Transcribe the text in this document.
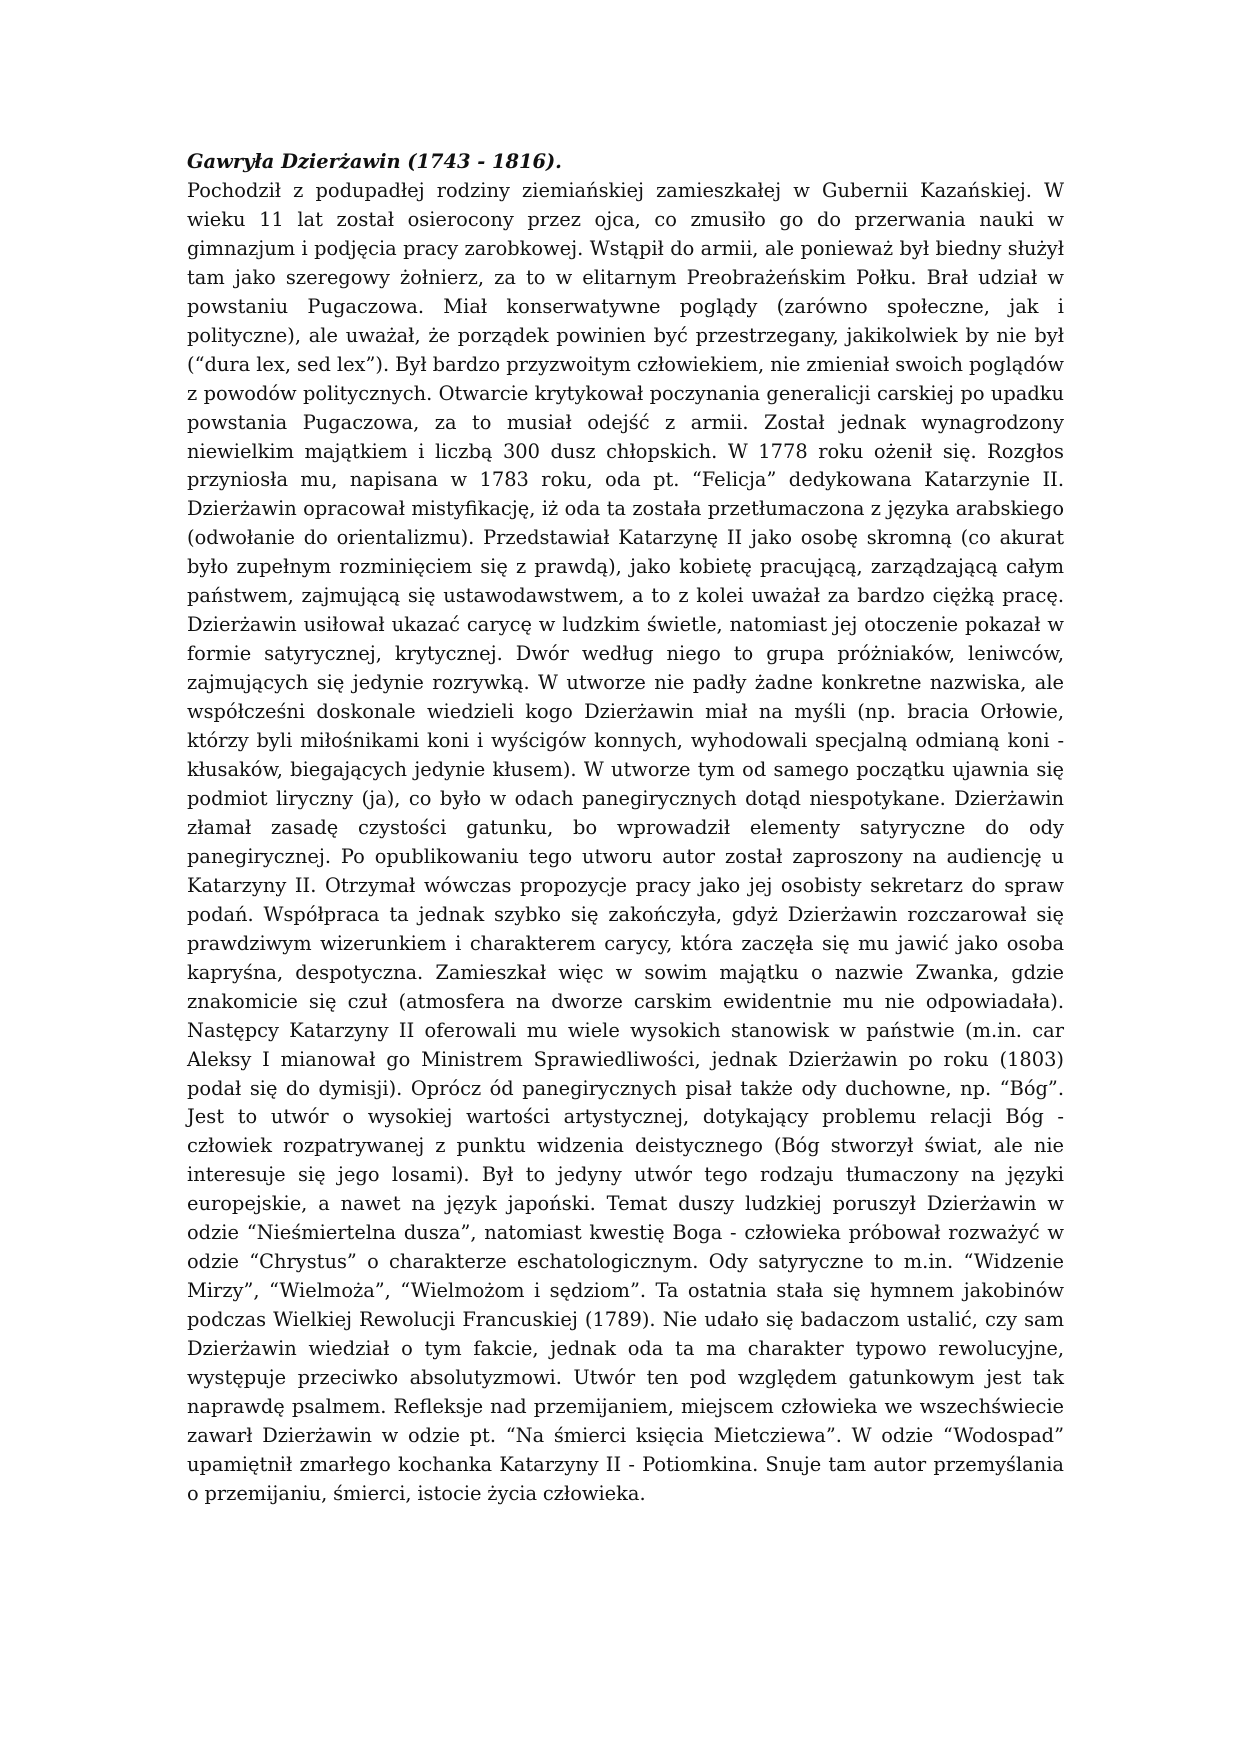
Gawryła Dzierżawin (1743 - 1816).

Pochodził z podupadłej rodziny ziemiańskiej zamieszkałej w Gubernii Kazańskiej. W wieku 11 lat został osierocony przez ojca, co zmusiło go do przerwania nauki w gimnazjum i podjęcia pracy zarobkowej. Wstąpił do armii, ale ponieważ był biedny służył tam jako szeregowy żołnierz, za to w elitarnym Preobrażeńskim Połku. Brał udział w powstaniu Pugaczowa. Miał konserwatywne poglądy (zarówno społeczne, jak i polityczne), ale uważał, że porządek powinien być przestrzegany, jakikolwiek by nie był (“dura lex, sed lex”). Był bardzo przyzwoitym człowiekiem, nie zmieniał swoich poglądów z powodów politycznych. Otwarcie krytykował poczynania generalicji carskiej po upadku powstania Pugaczowa, za to musiał odejść z armii. Został jednak wynagrodzony niewielkim majątkiem i liczbą 300 dusz chłopskich. W 1778 roku ożenił się. Rozgłos przyniosła mu, napisana w 1783 roku, oda pt. “Felicja” dedykowana Katarzynie II. Dzierżawin opracował mistyfikację, iż oda ta została przetłumaczona z języka arabskiego (odwołanie do orientalizmu). Przedstawiał Katarzynę II jako osobę skromną (co akurat było zupełnym rozminięciem się z prawdą), jako kobietę pracującą, zarządzającą całym państwem, zajmującą się ustawodawstwem, a to z kolei uważał za bardzo ciężką pracę. Dzierżawin usiłował ukazać carycę w ludzkim świetle, natomiast jej otoczenie pokazał w formie satyrycznej, krytycznej. Dwór według niego to grupa próżniaków, leniwców, zajmujących się jedynie rozrywką. W utworze nie padły żadne konkretne nazwiska, ale współcześni doskonale wiedzieli kogo Dzierżawin miał na myśli (np. bracia Orłowie, którzy byli miłośnikami koni i wyścigów konnych, wyhodowali specjalną odmianą koni - kłusaków, biegających jedynie kłusem). W utworze tym od samego początku ujawnia się podmiot liryczny (ja), co było w odach panegirycznych dotąd niespotykane. Dzierżawin złamał zasadę czystości gatunku, bo wprowadził elementy satyryczne do ody panegirycznej. Po opublikowaniu tego utworu autor został zaproszony na audiencję u Katarzyny II. Otrzymał wówczas propozycje pracy jako jej osobisty sekretarz do spraw podań. Współpraca ta jednak szybko się zakończyła, gdyż Dzierżawin rozczarował się prawdziwym wizerunkiem i charakterem carycy, która zaczęła się mu jawić jako osoba kapryśna, despotyczna. Zamieszkał więc w sowim majątku o nazwie Zwanka, gdzie znakomicie się czuł (atmosfera na dworze carskim ewidentnie mu nie odpowiadała). Następcy Katarzyny II oferowali mu wiele wysokich stanowisk w państwie (m.in. car Aleksy I mianował go Ministrem Sprawiedliwości, jednak Dzierżawin po roku (1803) podał się do dymisji). Oprócz ód panegirycznych pisał także ody duchowne, np. “Bóg”. Jest to utwór o wysokiej wartości artystycznej, dotykający problemu relacji Bóg - człowiek rozpatrywanej z punktu widzenia deistycznego (Bóg stworzył świat, ale nie interesuje się jego losami). Był to jedyny utwór tego rodzaju tłumaczony na języki europejskie, a nawet na język japoński. Temat duszy ludzkiej poruszył Dzierżawin w odzie “Nieśmiertelna dusza”, natomiast kwestię Boga - człowieka próbował rozważyć w odzie “Chrystus” o charakterze eschatologicznym. Ody satyryczne to m.in. “Widzenie Mirzy”, “Wielmoża”, “Wielmożom i sędziom”. Ta ostatnia stała się hymnem jakobinów podczas Wielkiej Rewolucji Francuskiej (1789). Nie udało się badaczom ustalić, czy sam Dzierżawin wiedział o tym fakcie, jednak oda ta ma charakter typowo rewolucyjne, występuje przeciwko absolutyzmowi. Utwór ten pod względem gatunkowym jest tak naprawdę psalmem. Refleksje nad przemijaniem, miejscem człowieka we wszechświecie zawarł Dzierżawin w odzie pt. “Na śmierci księcia Mietcziewa”. W odzie “Wodospad” upamiętnił zmarłego kochanka Katarzyny II - Potiomkina. Snuje tam autor przemyślania o przemijaniu, śmierci, istocie życia człowieka.
